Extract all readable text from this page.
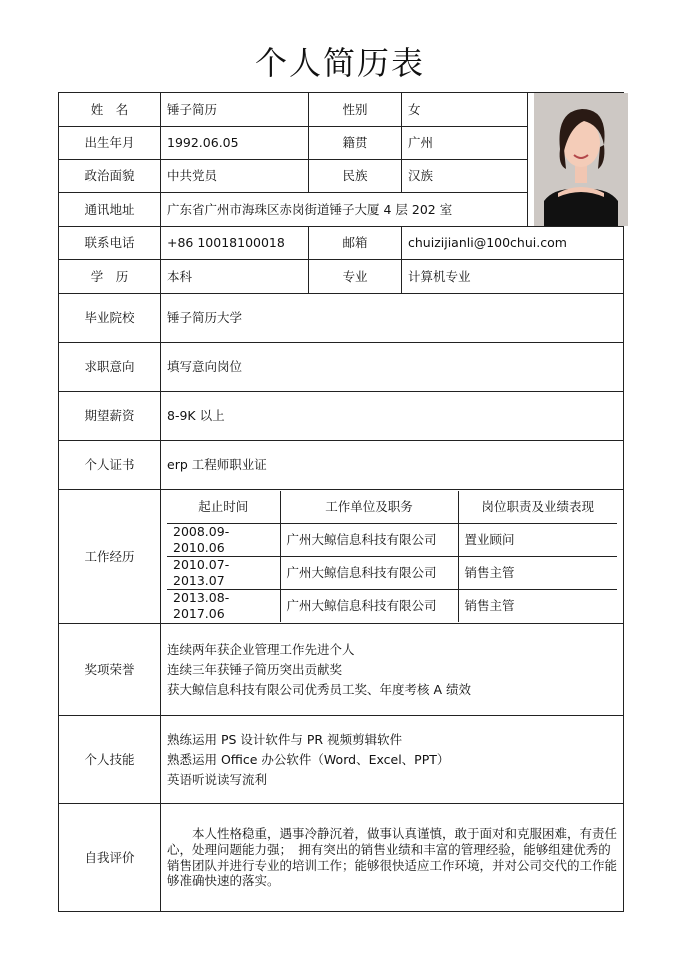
个人简历表
姓　名	锤子简历	性别	女	

出生年月	1992.06.05	籍贯	广州
政治面貌	中共党员	民族	汉族
通讯地址	广东省广州市海珠区赤岗街道锤子大厦 4 层 202 室
联系电话	+86 10018100018	邮箱	chuizijianli@100chui.com
学　历	本科	专业	计算机专业
毕业院校	锤子简历大学
求职意向	填写意向岗位
期望薪资	8-9K 以上
个人证书	erp 工程师职业证
工作经历	
起止时间	工作单位及职务	岗位职责及业绩表现
2008.09-2010.06	广州大鲸信息科技有限公司	置业顾问
2010.07-2013.07	广州大鲸信息科技有限公司	销售主管
2013.08-2017.06	广州大鲸信息科技有限公司	销售主管

奖项荣誉	
连续两年获企业管理工作先进个人
连续三年获锤子简历突出贡献奖
获大鲸信息科技有限公司优秀员工奖、年度考核 A 绩效

个人技能	
熟练运用 PS 设计软件与 PR 视频剪辑软件
熟悉运用 Office 办公软件（Word、Excel、PPT）
英语听说读写流利

自我评价	本人性格稳重，遇事冷静沉着，做事认真谨慎，敢于面对和克服困难，有责任心，处理问题能力强；　拥有突出的销售业绩和丰富的管理经验，能够组建优秀的销售团队并进行专业的培训工作；能够很快适应工作环境，并对公司交代的工作能够准确快速的落实。
